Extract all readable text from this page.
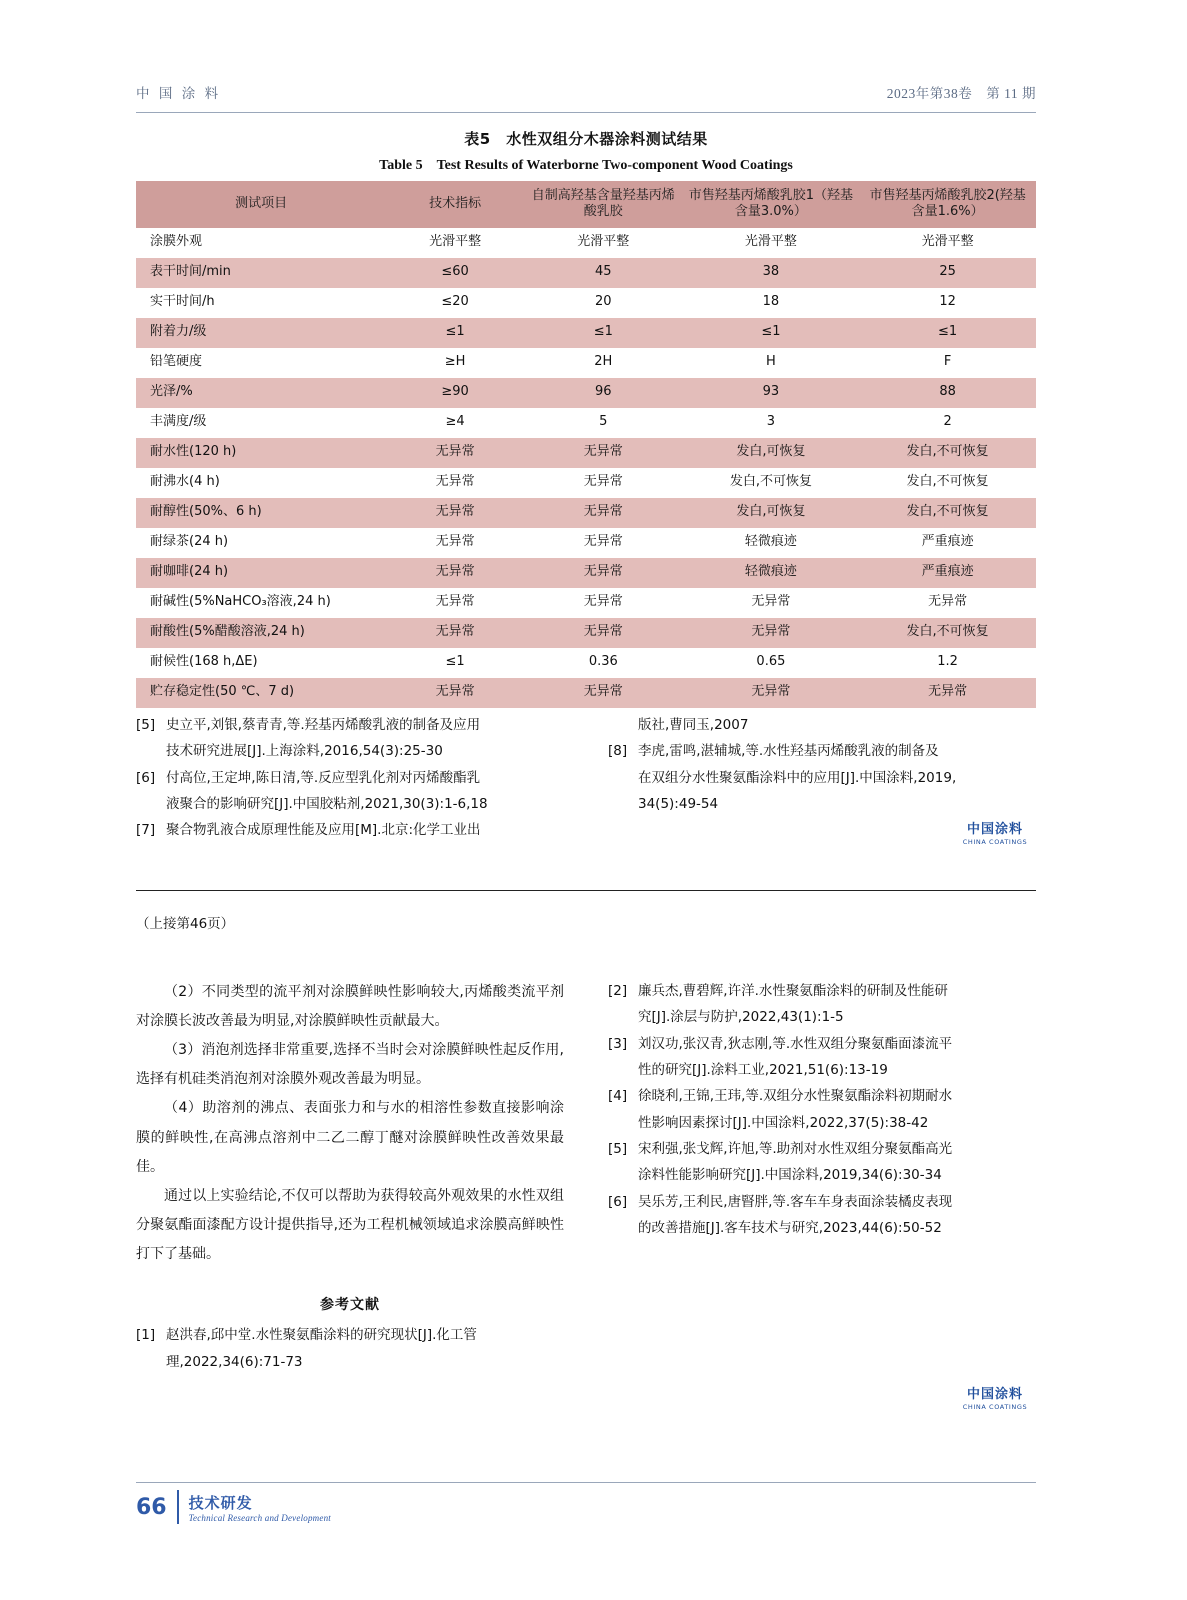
中 国 涂 料	2023年第38卷　第 11 期
表5　水性双组分木器涂料测试结果
Table 5　Test Results of Waterborne Two-component Wood Coatings
测试项目	技术指标	自制高羟基含量羟基丙烯酸乳胶	市售羟基丙烯酸乳胶1（羟基含量3.0%）	市售羟基丙烯酸乳胶2(羟基含量1.6%）
涂膜外观	光滑平整	光滑平整	光滑平整	光滑平整
表干时间/min	≤60	45	38	25
实干时间/h	≤20	20	18	12
附着力/级	≤1	≤1	≤1	≤1
铅笔硬度	≥H	2H	H	F
光泽/%	≥90	96	93	88
丰满度/级	≥4	5	3	2
耐水性(120 h)	无异常	无异常	发白,可恢复	发白,不可恢复
耐沸水(4 h)	无异常	无异常	发白,不可恢复	发白,不可恢复
耐醇性(50%、6 h)	无异常	无异常	发白,可恢复	发白,不可恢复
耐绿茶(24 h)	无异常	无异常	轻微痕迹	严重痕迹
耐咖啡(24 h)	无异常	无异常	轻微痕迹	严重痕迹
耐碱性(5%NaHCO₃溶液,24 h)	无异常	无异常	无异常	无异常
耐酸性(5%醋酸溶液,24 h)	无异常	无异常	无异常	发白,不可恢复
耐候性(168 h,ΔE)	≤1	0.36	0.65	1.2
贮存稳定性(50 ℃、7 d)	无异常	无异常	无异常	无异常
[5] 史立平,刘银,蔡青青,等.羟基丙烯酸乳液的制备及应用
技术研究进展[J].上海涂料,2016,54(3):25-30
[6] 付高位,王定坤,陈日清,等.反应型乳化剂对丙烯酸酯乳
液聚合的影响研究[J].中国胶粘剂,2021,30(3):1-6,18
[7] 聚合物乳液合成原理性能及应用[M].北京:化学工业出
版社,曹同玉,2007
[8] 李虎,雷鸣,湛辅城,等.水性羟基丙烯酸乳液的制备及
在双组分水性聚氨酯涂料中的应用[J].中国涂料,2019,
34(5):49-54
中国涂料
CHINA COATINGS
（上接第46页）

（2）不同类型的流平剂对涂膜鲜映性影响较大,丙烯酸类流平剂对涂膜长波改善最为明显,对涂膜鲜映性贡献最大。

（3）消泡剂选择非常重要,选择不当时会对涂膜鲜映性起反作用,选择有机硅类消泡剂对涂膜外观改善最为明显。

（4）助溶剂的沸点、表面张力和与水的相溶性参数直接影响涂膜的鲜映性,在高沸点溶剂中二乙二醇丁醚对涂膜鲜映性改善效果最佳。

通过以上实验结论,不仅可以帮助为获得较高外观效果的水性双组分聚氨酯面漆配方设计提供指导,还为工程机械领域追求涂膜高鲜映性打下了基础。

参考文献
[1] 赵洪春,邱中堂.水性聚氨酯涂料的研究现状[J].化工管
理,2022,34(6):71-73
[2] 廉兵杰,曹碧辉,许洋.水性聚氨酯涂料的研制及性能研
究[J].涂层与防护,2022,43(1):1-5
[3] 刘汉功,张汉青,狄志刚,等.水性双组分聚氨酯面漆流平
性的研究[J].涂料工业,2021,51(6):13-19
[4] 徐晓利,王锦,王玮,等.双组分水性聚氨酯涂料初期耐水
性影响因素探讨[J].中国涂料,2022,37(5):38-42
[5] 宋利强,张戈辉,许旭,等.助剂对水性双组分聚氨酯高光
涂料性能影响研究[J].中国涂料,2019,34(6):30-34
[6] 吴乐芳,王利民,唐䁂胖,等.客车车身表面涂装橘皮表现
的改善措施[J].客车技术与研究,2023,44(6):50-52
中国涂料
CHINA COATINGS
66 技术研发
Technical Research and Development
